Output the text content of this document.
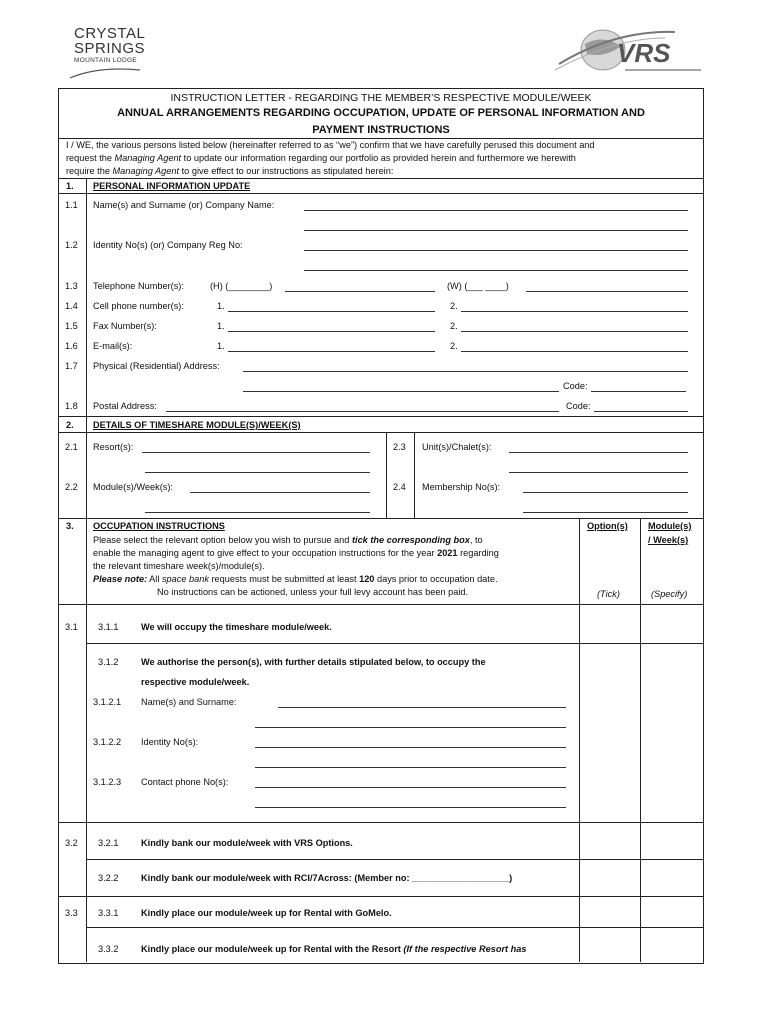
CRYSTAL
SPRINGS
MOUNTAIN LODGE	VRS
INSTRUCTION LETTER - REGARDING THE MEMBER’S RESPECTIVE MODULE/WEEK
ANNUAL ARRANGEMENTS REGARDING OCCUPATION, UPDATE OF PERSONAL INFORMATION AND
PAYMENT INSTRUCTIONS
I / WE, the various persons listed below (hereinafter referred to as “we”) confirm that we have carefully perused this document and
request the Managing Agent to update our information regarding our portfolio as provided herein and furthermore we herewith
require the Managing Agent to give effect to our instructions as stipulated herein:
1. PERSONAL INFORMATION UPDATE
1.1 Name(s) and Surname (or) Company Name:
1.2 Identity No(s) (or) Company Reg No:
1.3 Telephone Number(s):	(H) (________)	(W) (___ ____)
1.4 Cell phone number(s):	1.	2.
1.5 Fax Number(s):	1.	2.
1.6 E-mail(s):	1.	2.
1.7 Physical (Residential) Address:
Code:
1.8 Postal Address:	Code:
2. DETAILS OF TIMESHARE MODULE(S)/WEEK(S)
2.1 Resort(s):	2.3 Unit(s)/Chalet(s):
2.2 Module(s)/Week(s):	2.4 Membership No(s):
3. OCCUPATION INSTRUCTIONS	Option(s) Module(s)
/ Week(s)
Please select the relevant option below you wish to pursue and tick the corresponding box, to
enable the managing agent to give effect to your occupation instructions for the year 2021 regarding
the relevant timeshare week(s)/module(s).
Please note: All space bank requests must be submitted at least 120 days prior to occupation date.
No instructions can be actioned, unless your full levy account has been paid.	(Tick)	(Specify)
3.1 3.1.1 We will occupy the timeshare module/week.
3.1.2 We authorise the person(s), with further details stipulated below, to occupy the
respective module/week.
3.1.2.1 Name(s) and Surname:
3.1.2.2 Identity No(s):
3.1.2.3 Contact phone No(s):
3.2 3.2.1 Kindly bank our module/week with VRS Options.
3.2.2 Kindly bank our module/week with RCI/7Across: (Member no: ___________________)
3.3 3.3.1 Kindly place our module/week up for Rental with GoMelo.
3.3.2 Kindly place our module/week up for Rental with the Resort (If the respective Resort has
